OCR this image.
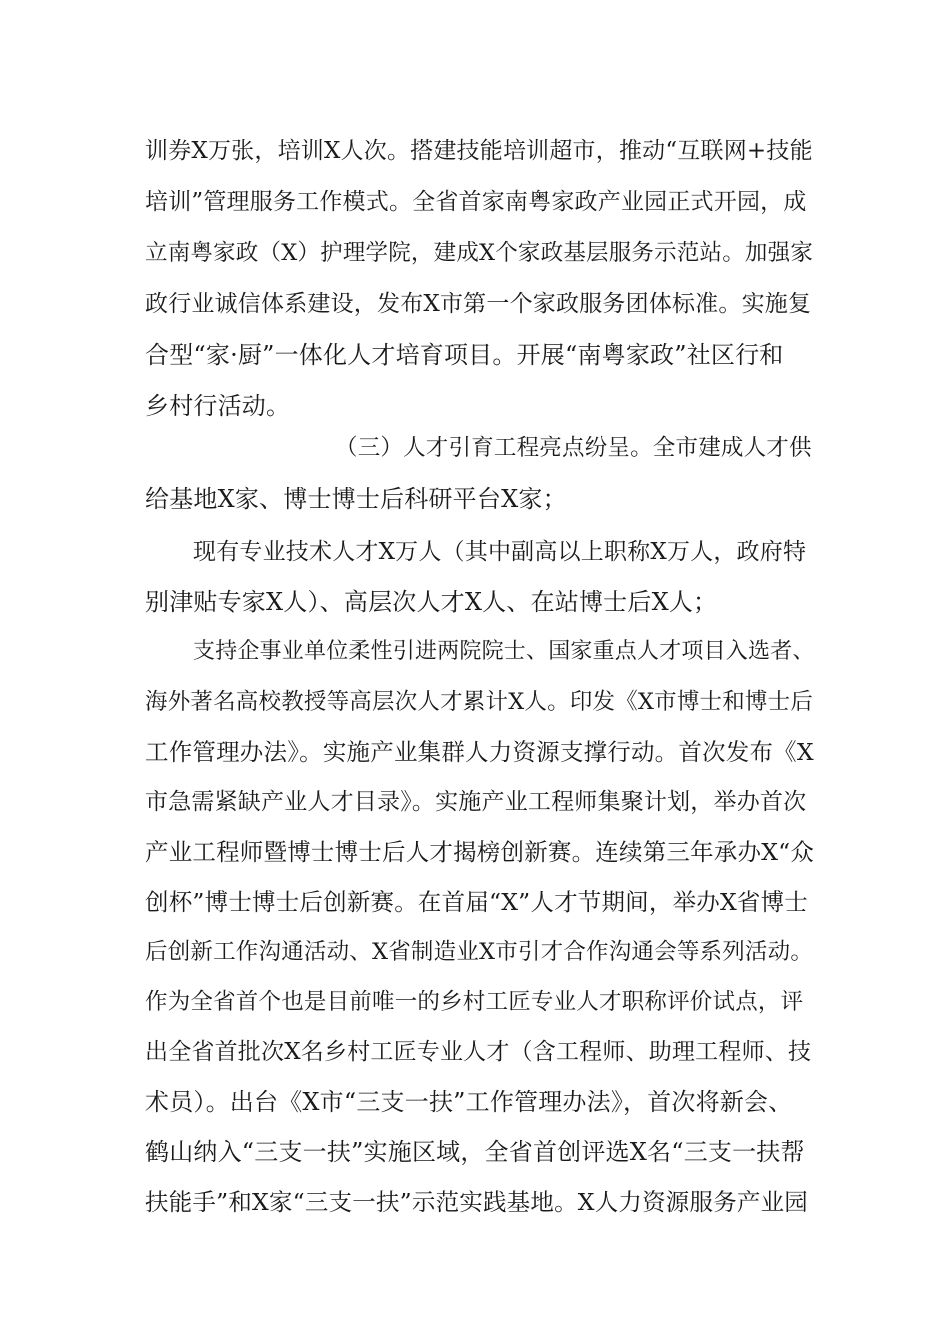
训券Ⅹ万张，培训Ⅹ人次。搭建技能培训超市，推动“互联网+技能

培训”管理服务工作模式。全省首家南粤家政产业园正式开园，成

立南粤家政（Ⅹ）护理学院，建成Ⅹ个家政基层服务示范站。加强家

政行业诚信体系建设，发布Ⅹ市第一个家政服务团体标准。实施复

合型“家·厨”一体化人才培育项目。开展“南粤家政”社区行和

乡村行活动。

（三）人才引育工程亮点纷呈。全市建成人才供

给基地Ⅹ家、博士博士后科研平台Ⅹ家；

现有专业技术人才Ⅹ万人（其中副高以上职称Ⅹ万人，政府特

别津贴专家Ⅹ人）、高层次人才Ⅹ人、在站博士后Ⅹ人；

支持企事业单位柔性引进两院院士、国家重点人才项目入选者、

海外著名高校教授等高层次人才累计Ⅹ人。印发《Ⅹ市博士和博士后

工作管理办法》。实施产业集群人力资源支撑行动。首次发布《Ⅹ

市急需紧缺产业人才目录》。实施产业工程师集聚计划，举办首次

产业工程师暨博士博士后人才揭榜创新赛。连续第三年承办Ⅹ“众

创杯”博士博士后创新赛。在首届“Ⅹ”人才节期间，举办Ⅹ省博士

后创新工作沟通活动、Ⅹ省制造业Ⅹ市引才合作沟通会等系列活动。

作为全省首个也是目前唯一的乡村工匠专业人才职称评价试点，评

出全省首批次Ⅹ名乡村工匠专业人才（含工程师、助理工程师、技

术员）。出台《Ⅹ市“三支一扶”工作管理办法》，首次将新会、

鹤山纳入“三支一扶”实施区域，全省首创评选Ⅹ名“三支一扶帮

扶能手”和Ⅹ家“三支一扶”示范实践基地。Ⅹ人力资源服务产业园
